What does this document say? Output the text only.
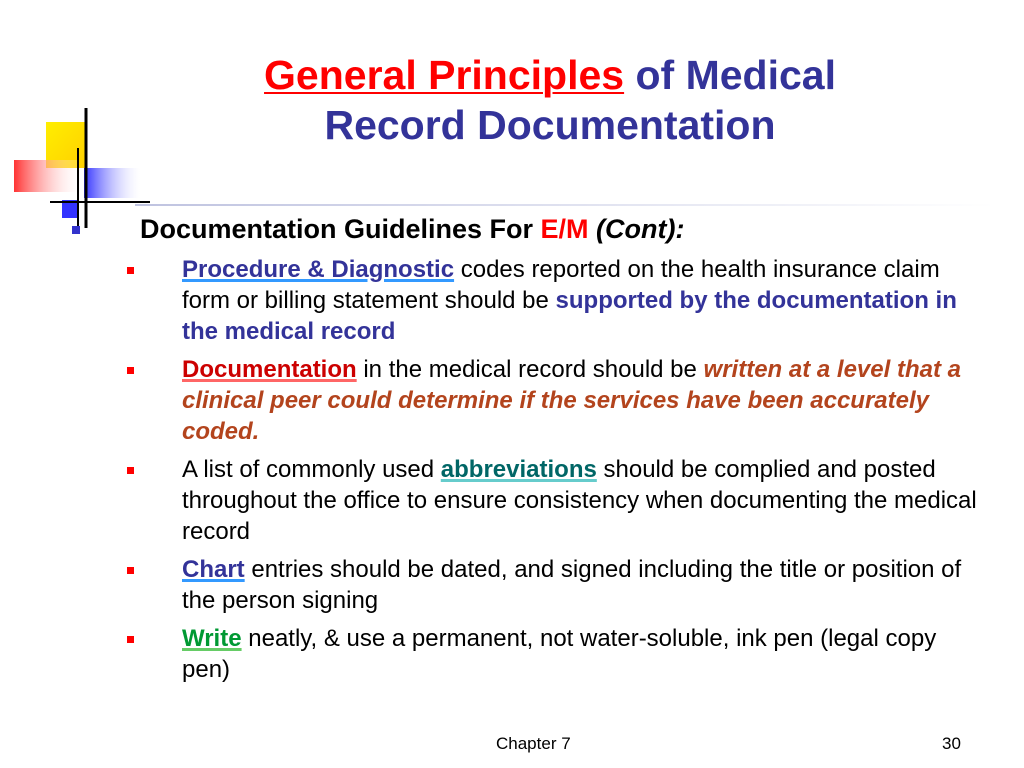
General Principles of Medical
Record Documentation
Documentation Guidelines For E/M (Cont):
Procedure & Diagnostic codes reported on the health insurance claim form or billing statement should be supported by the documentation in the medical record
Documentation in the medical record should be written at a level that a clinical peer could determine if the services have been accurately coded.
A list of commonly used abbreviations should be complied and posted throughout the office to ensure consistency when documenting the medical record
Chart entries should be dated, and signed including the title or position of the person signing
Write neatly, & use a permanent, not water-soluble, ink pen (legal copy pen)
Chapter 7	30
